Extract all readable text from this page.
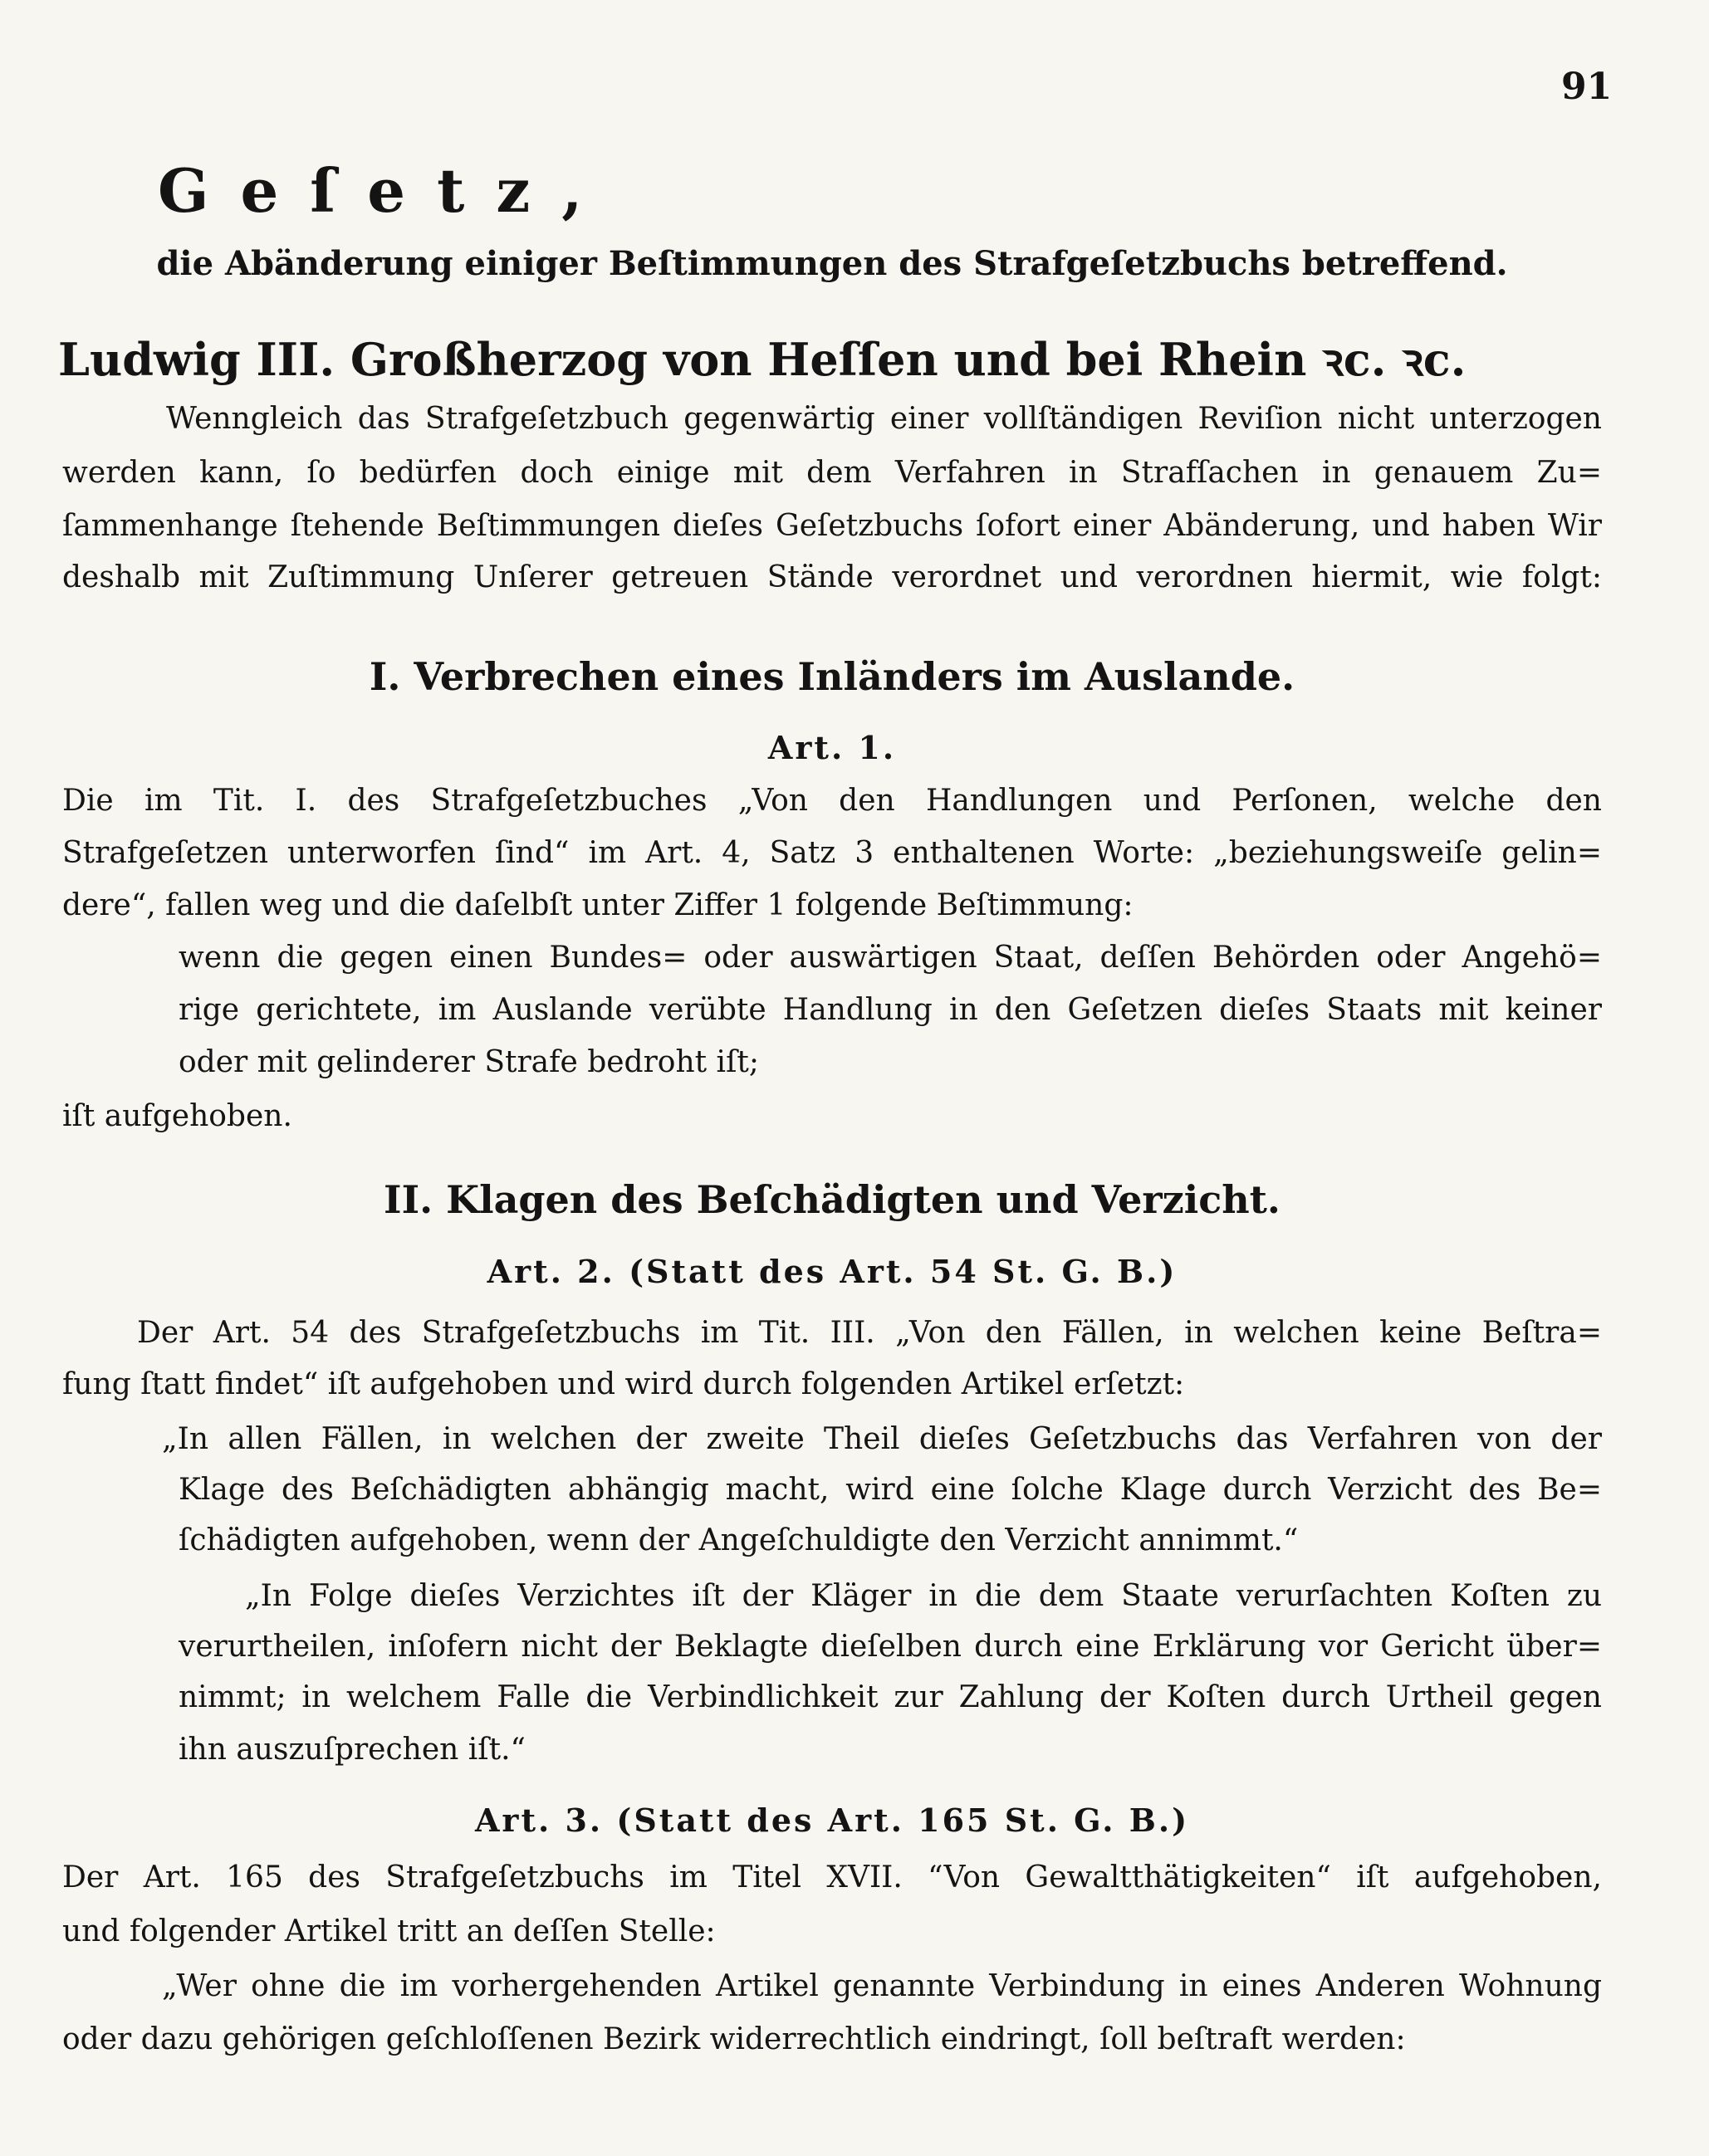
91
Geſetz,
die Abänderung einiger Beſtimmungen des Strafgeſetzbuchs betreffend.
Ludwig III. Großherzog von Heſſen und bei Rhein ꝛc. ꝛc.
Wenngleich das Strafgeſetzbuch gegenwärtig einer vollſtändigen Reviſion nicht unterzogen
werden kann, ſo bedürfen doch einige mit dem Verfahren in Strafſachen in genauem Zu=
ſammenhange ſtehende Beſtimmungen dieſes Geſetzbuchs ſofort einer Abänderung, und haben Wir
deshalb mit Zuſtimmung Unſerer getreuen Stände verordnet und verordnen hiermit, wie folgt:
I. Verbrechen eines Inländers im Auslande.
Art. 1.
Die im Tit. I. des Strafgeſetzbuches „Von den Handlungen und Perſonen, welche den
Strafgeſetzen unterworfen ſind“ im Art. 4, Satz 3 enthaltenen Worte: „beziehungsweiſe gelin=
dere“, fallen weg und die daſelbſt unter Ziffer 1 folgende Beſtimmung:
wenn die gegen einen Bundes= oder auswärtigen Staat, deſſen Behörden oder Angehö=
rige gerichtete, im Auslande verübte Handlung in den Geſetzen dieſes Staats mit keiner
oder mit gelinderer Strafe bedroht iſt;
iſt aufgehoben.
II. Klagen des Beſchädigten und Verzicht.
Art. 2. (Statt des Art. 54 St. G. B.)
Der Art. 54 des Strafgeſetzbuchs im Tit. III. „Von den Fällen, in welchen keine Beſtra=
fung ſtatt findet“ iſt aufgehoben und wird durch folgenden Artikel erſetzt:
„In allen Fällen, in welchen der zweite Theil dieſes Geſetzbuchs das Verfahren von der
Klage des Beſchädigten abhängig macht, wird eine ſolche Klage durch Verzicht des Be=
ſchädigten aufgehoben, wenn der Angeſchuldigte den Verzicht annimmt.“
„In Folge dieſes Verzichtes iſt der Kläger in die dem Staate verurſachten Koſten zu
verurtheilen, inſofern nicht der Beklagte dieſelben durch eine Erklärung vor Gericht über=
nimmt; in welchem Falle die Verbindlichkeit zur Zahlung der Koſten durch Urtheil gegen
ihn auszuſprechen iſt.“
Art. 3. (Statt des Art. 165 St. G. B.)
Der Art. 165 des Strafgeſetzbuchs im Titel XVII. “Von Gewaltthätigkeiten“ iſt aufgehoben,
und folgender Artikel tritt an deſſen Stelle:
„Wer ohne die im vorhergehenden Artikel genannte Verbindung in eines Anderen Wohnung
oder dazu gehörigen geſchloſſenen Bezirk widerrechtlich eindringt, ſoll beſtraft werden:
